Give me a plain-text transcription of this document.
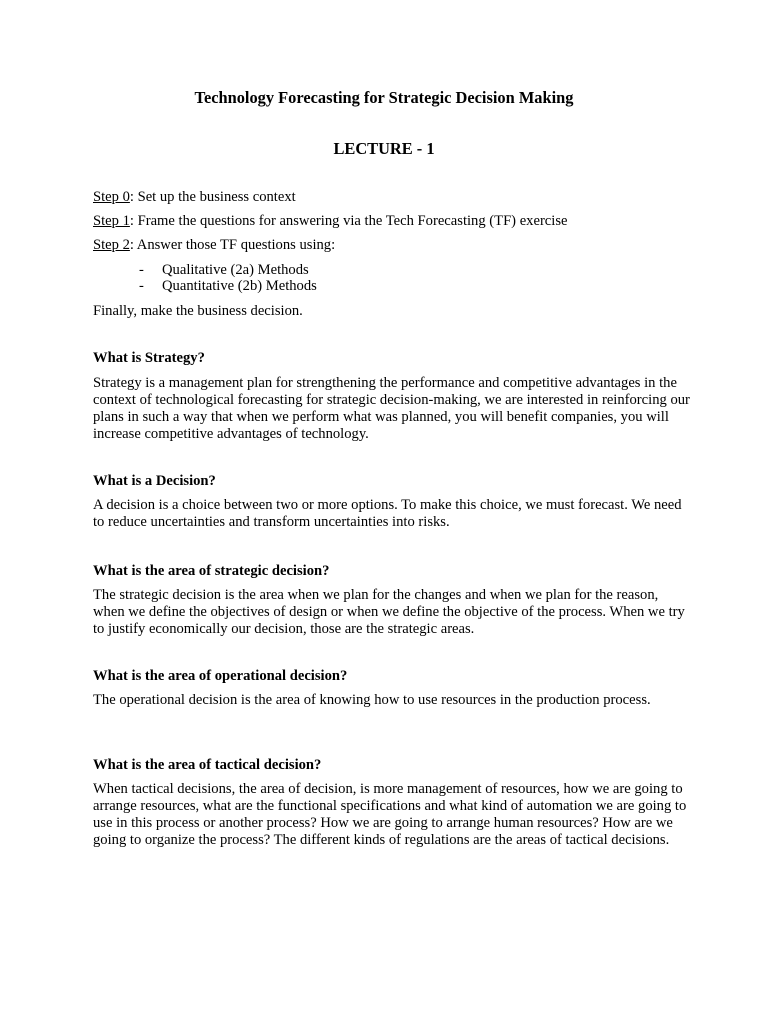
Technology Forecasting for Strategic Decision Making
LECTURE - 1

Step 0: Set up the business context

Step 1: Frame the questions for answering via the Tech Forecasting (TF) exercise

Step 2: Answer those TF questions using:

- Qualitative (2a) Methods
- Quantitative (2b) Methods

Finally, make the business decision.

What is Strategy?

Strategy is a management plan for strengthening the performance and competitive advantages in the context of technological forecasting for strategic decision-making, we are interested in reinforcing our plans in such a way that when we perform what was planned, you will benefit companies, you will increase competitive advantages of technology.

What is a Decision?

A decision is a choice between two or more options. To make this choice, we must forecast. We need to reduce uncertainties and transform uncertainties into risks.

What is the area of strategic decision?

The strategic decision is the area when we plan for the changes and when we plan for the reason, when we define the objectives of design or when we define the objective of the process. When we try to justify economically our decision, those are the strategic areas.

What is the area of operational decision?

The operational decision is the area of knowing how to use resources in the production process.

What is the area of tactical decision?

When tactical decisions, the area of decision, is more management of resources, how we are going to arrange resources, what are the functional specifications and what kind of automation we are going to use in this process or another process? How we are going to arrange human resources? How are we going to organize the process? The different kinds of regulations are the areas of tactical decisions.
